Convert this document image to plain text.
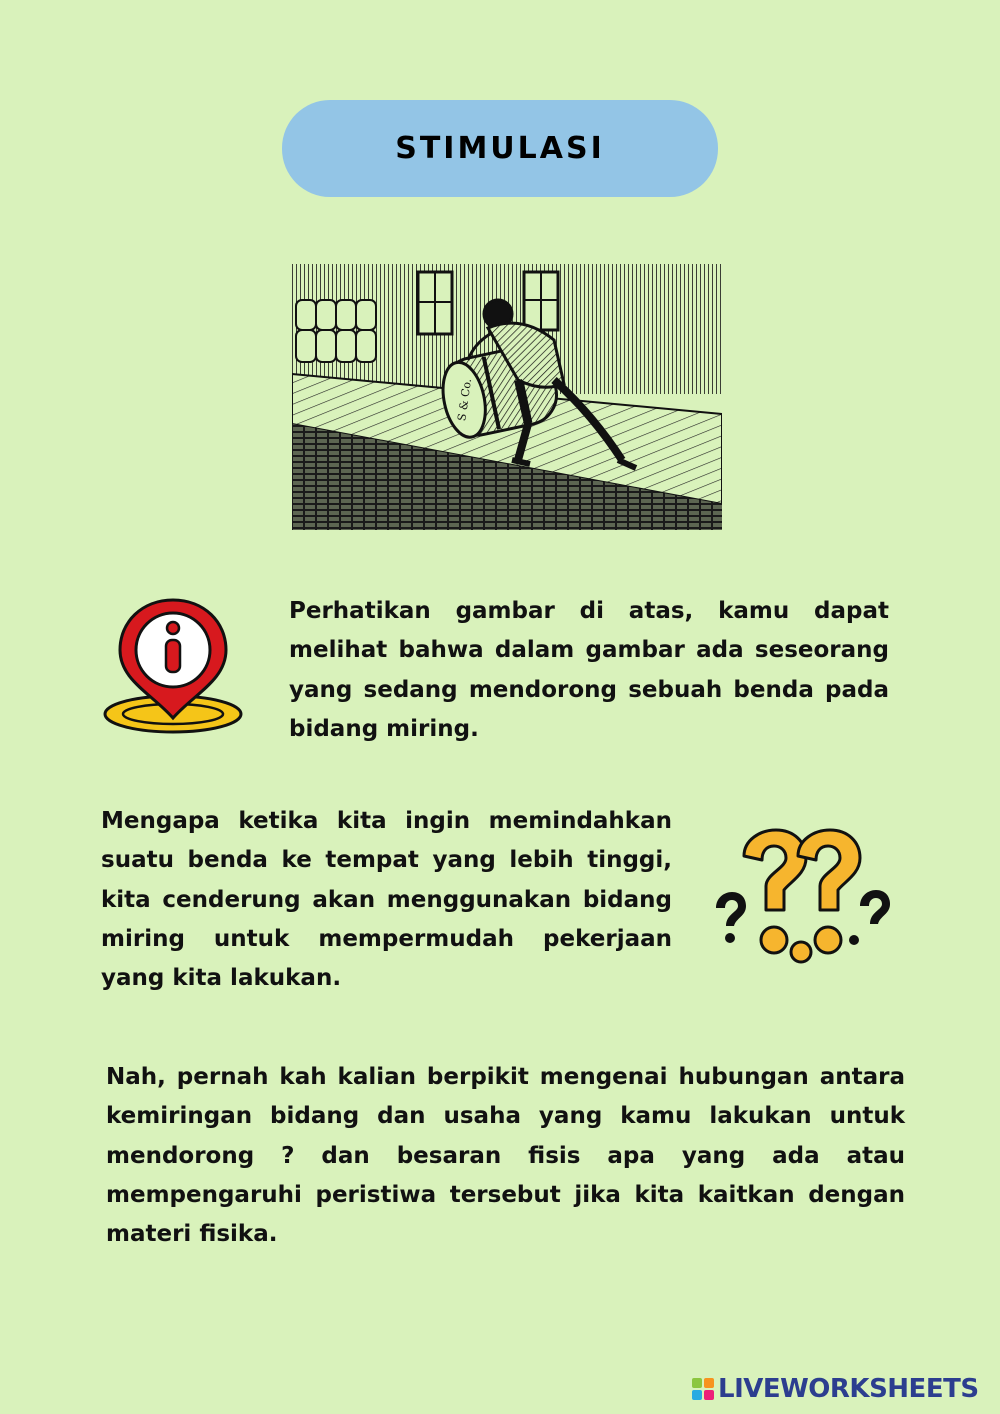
STIMULASI
S & Co.

Perhatikan gambar di atas, kamu dapat melihat bahwa dalam gambar ada seseorang yang sedang mendorong sebuah benda pada bidang miring.

Mengapa ketika kita ingin memindahkan suatu benda ke tempat yang lebih tinggi, kita cenderung akan menggunakan bidang miring untuk mempermudah pekerjaan yang kita lakukan.

Nah, pernah kah kalian berpikit mengenai hubungan antara kemiringan bidang dan usaha yang kamu lakukan untuk mendorong ? dan besaran fisis apa yang ada atau mempengaruhi peristiwa tersebut jika kita kaitkan dengan materi fisika.

LIVEWORKSHEETS
